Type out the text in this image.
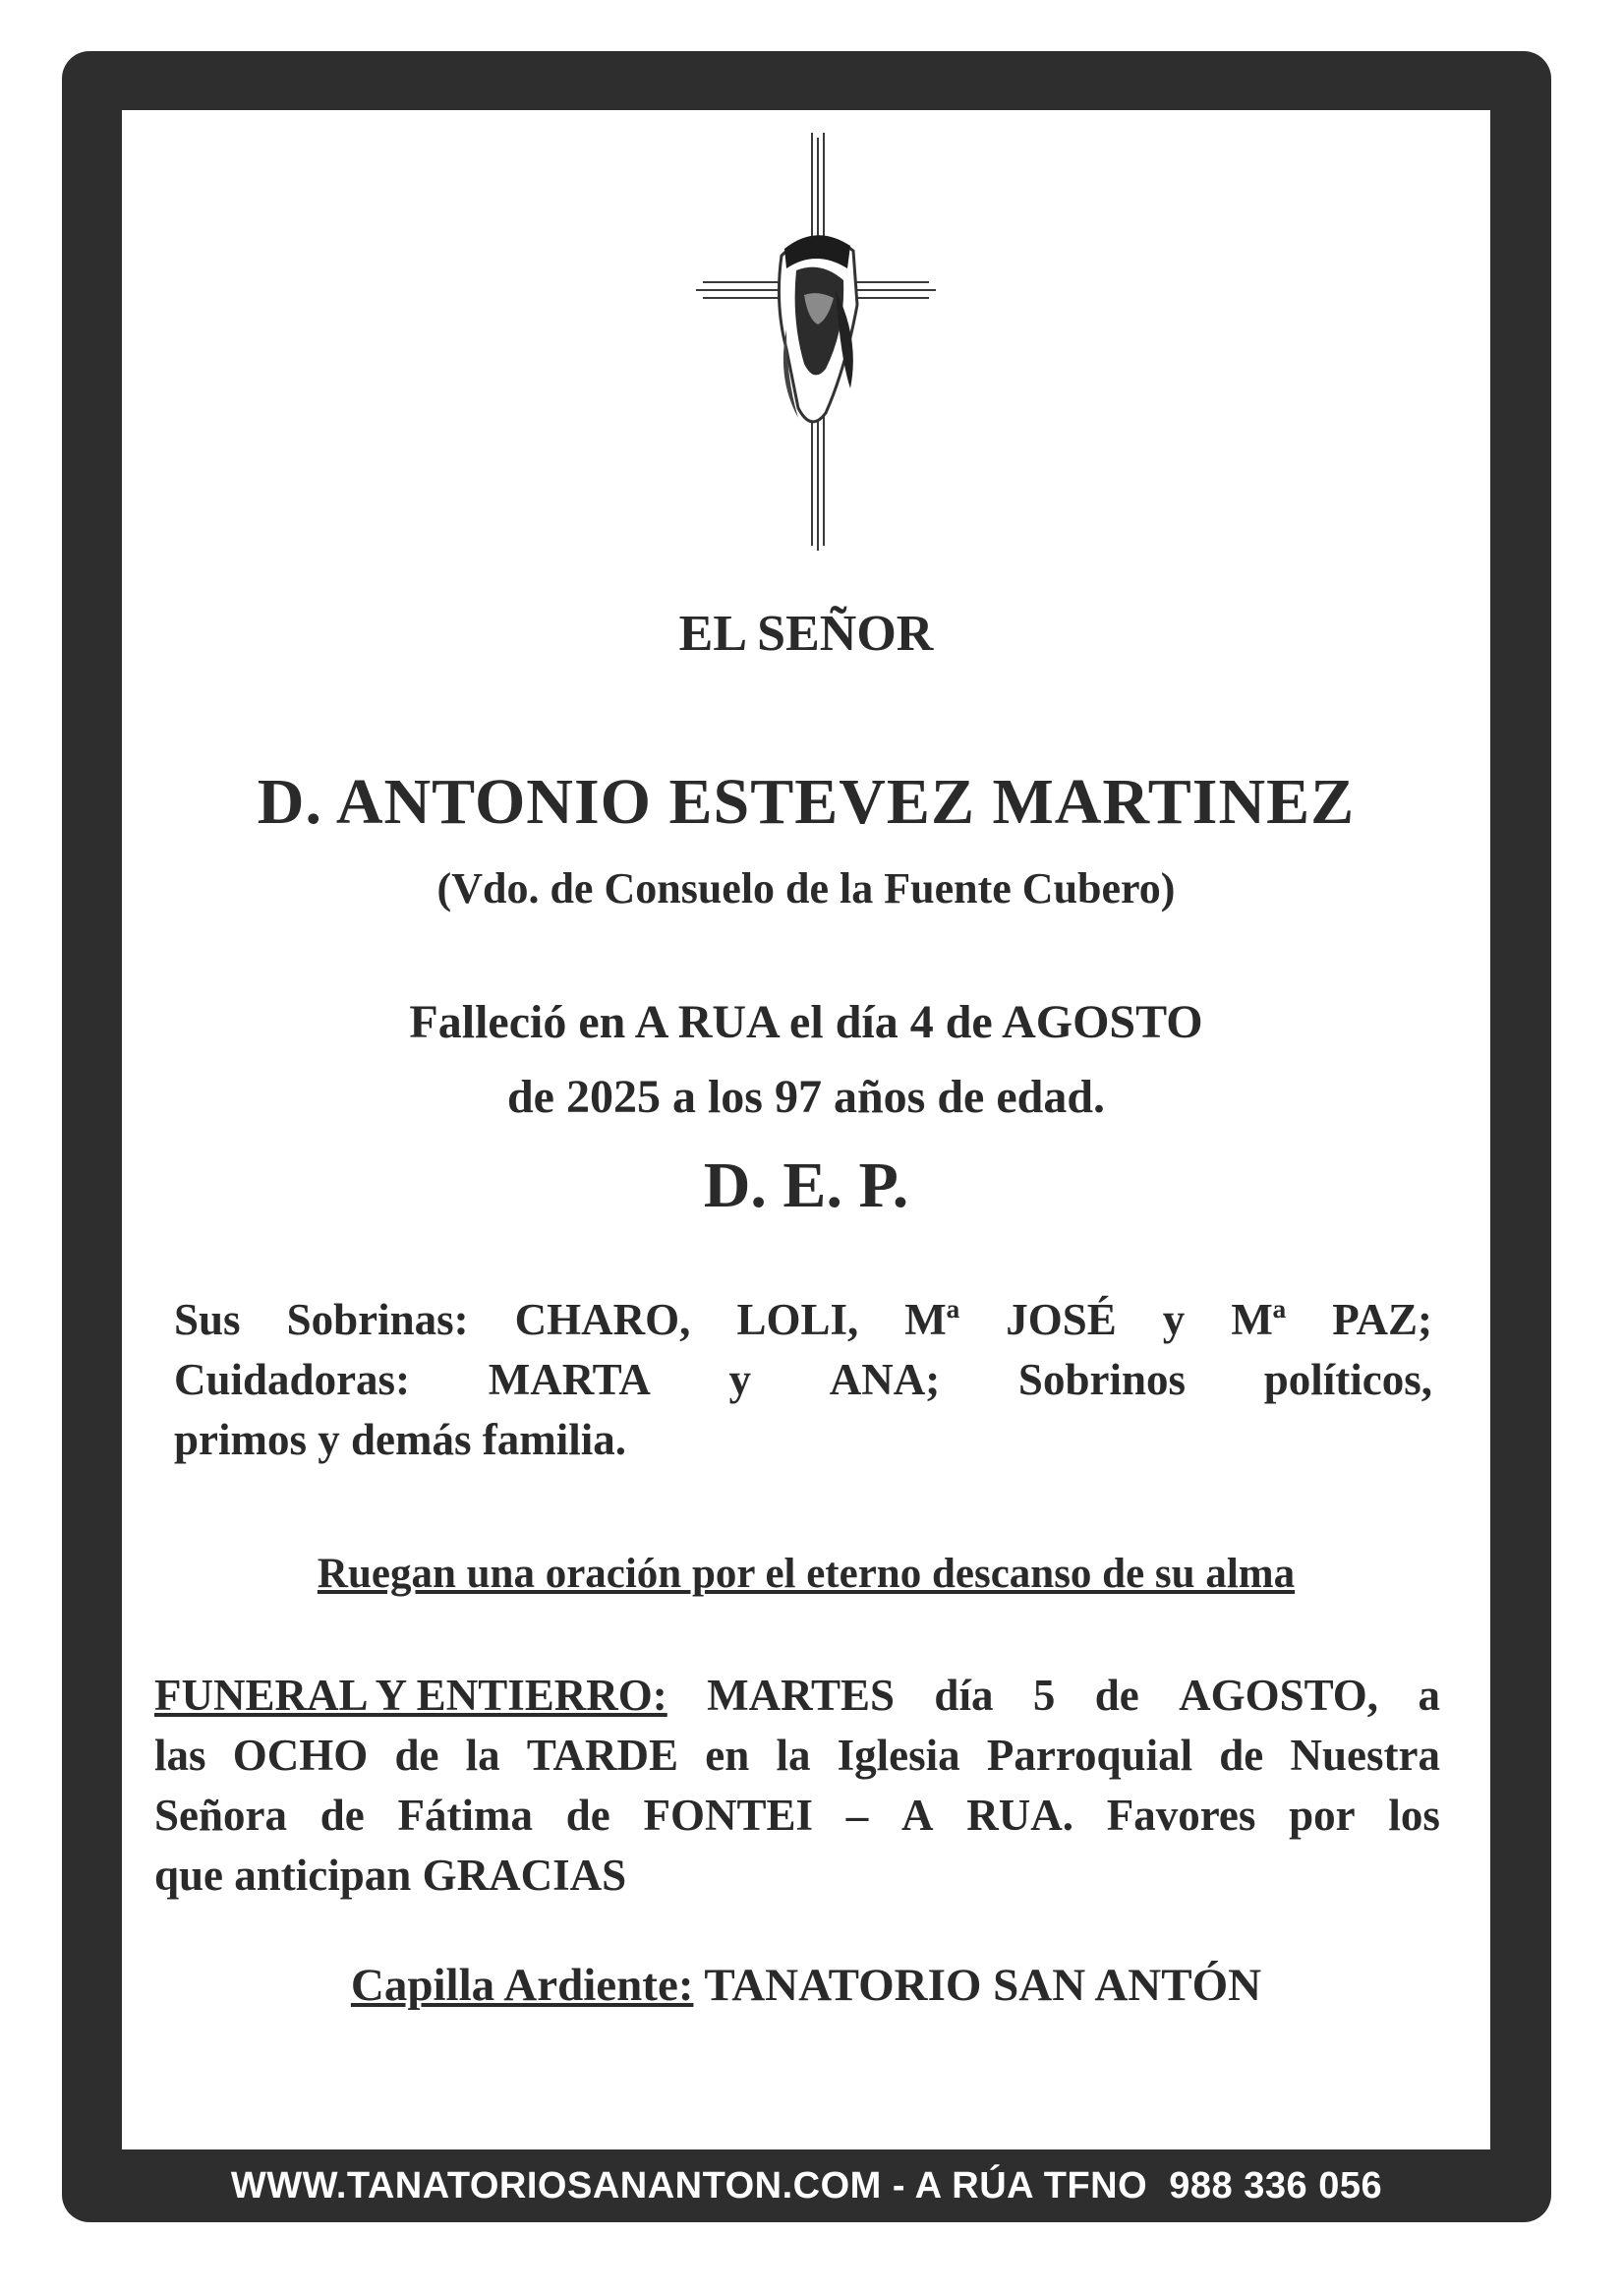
EL SEÑOR
D. ANTONIO ESTEVEZ MARTINEZ
(Vdo. de Consuelo de la Fuente Cubero)
Falleció en A RUA el día 4 de AGOSTO
de 2025 a los 97 años de edad.
D. E. P.
Sus Sobrinas: CHARO, LOLI, Mª JOSÉ y Mª PAZ;
Cuidadoras: MARTA y ANA; Sobrinos políticos,
primos y demás familia.
Ruegan una oración por el eterno descanso de su alma
FUNERAL Y ENTIERRO: MARTES día 5 de AGOSTO, a
las OCHO de la TARDE en la Iglesia Parroquial de Nuestra
Señora de Fátima de FONTEI – A RUA. Favores por los
que anticipan GRACIAS
Capilla Ardiente: TANATORIO SAN ANTÓN
WWW.TANATORIOSANANTON.COM - A RÚA TFNO  988 336 056
